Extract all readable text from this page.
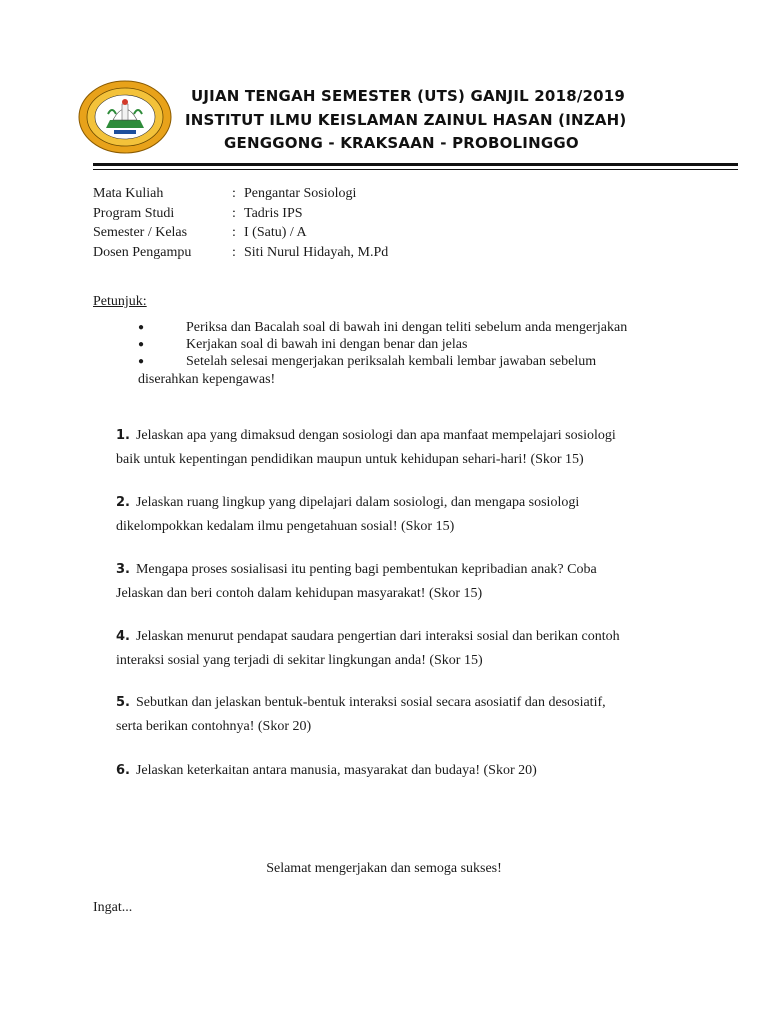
UJIAN TENGAH SEMESTER (UTS) GANJIL 2018/2019
INSTITUT ILMU KEISLAMAN ZAINUL HASAN (INZAH)
GENGGONG - KRAKSAAN - PROBOLINGGO
Mata Kuliah	: Pengantar Sosiologi
Program Studi	: Tadris IPS
Semester / Kelas	: I (Satu) / A
Dosen Pengampu	: Siti Nurul Hidayah, M.Pd
Petunjuk:
●	Periksa dan Bacalah soal di bawah ini dengan teliti sebelum anda mengerjakan
●	Kerjakan soal di bawah ini dengan benar dan jelas
●	Setelah selesai mengerjakan periksalah kembali lembar jawaban sebelum
diserahkan kepengawas!
1. Jelaskan apa yang dimaksud dengan sosiologi dan apa manfaat mempelajari sosiologi
baik untuk kepentingan pendidikan maupun untuk kehidupan sehari-hari! (Skor 15)
2. Jelaskan ruang lingkup yang dipelajari dalam sosiologi, dan mengapa sosiologi
dikelompokkan kedalam ilmu pengetahuan sosial! (Skor 15)
3. Mengapa proses sosialisasi itu penting bagi pembentukan kepribadian anak? Coba
Jelaskan dan beri contoh dalam kehidupan masyarakat! (Skor 15)
4. Jelaskan menurut pendapat saudara pengertian dari interaksi sosial dan berikan contoh
interaksi sosial yang terjadi di sekitar lingkungan anda! (Skor 15)
5. Sebutkan dan jelaskan bentuk-bentuk interaksi sosial secara asosiatif dan desosiatif,
serta berikan contohnya! (Skor 20)
6. Jelaskan keterkaitan antara manusia, masyarakat dan budaya! (Skor 20)
Selamat mengerjakan dan semoga sukses!
Ingat...
